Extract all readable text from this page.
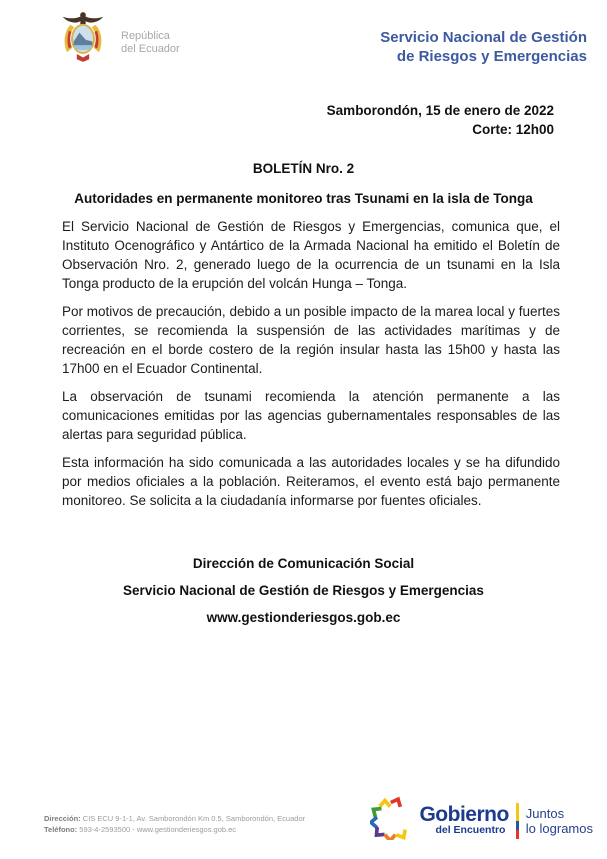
República
del Ecuador
Servicio Nacional de Gestión
de Riesgos y Emergencias
Samborondón, 15 de enero de 2022
Corte: 12h00
BOLETÍN Nro. 2
Autoridades en permanente monitoreo tras Tsunami en la isla de Tonga

El Servicio Nacional de Gestión de Riesgos y Emergencias, comunica que, el Instituto Ocenográfico y Antártico de la Armada Nacional ha emitido el Boletín de Observación Nro. 2, generado luego de la ocurrencia de un tsunami en la Isla Tonga producto de la erupción del volcán Hunga – Tonga.

Por motivos de precaución, debido a un posible impacto de la marea local y fuertes corrientes, se recomienda la suspensión de las actividades marítimas y de recreación en el borde costero de la región insular hasta las 15h00 y hasta las 17h00 en el Ecuador Continental.

La observación de tsunami recomienda la atención permanente a las comunicaciones emitidas por las agencias gubernamentales responsables de las alertas para seguridad pública.

Esta información ha sido comunicada a las autoridades locales y se ha difundido por medios oficiales a la población. Reiteramos, el evento está bajo permanente monitoreo. Se solicita a la ciudadanía informarse por fuentes oficiales.

Dirección de Comunicación Social
Servicio Nacional de Gestión de Riesgos y Emergencias
www.gestionderiesgos.gob.ec
Dirección: CIS ECU 9-1-1, Av. Samborondón Km 0.5, Samborondón, Ecuador
Teléfono: 593-4-2593500 - www.gestionderiesgos.gob.ec
Gobierno
del Encuentro
Juntos
lo logramos
